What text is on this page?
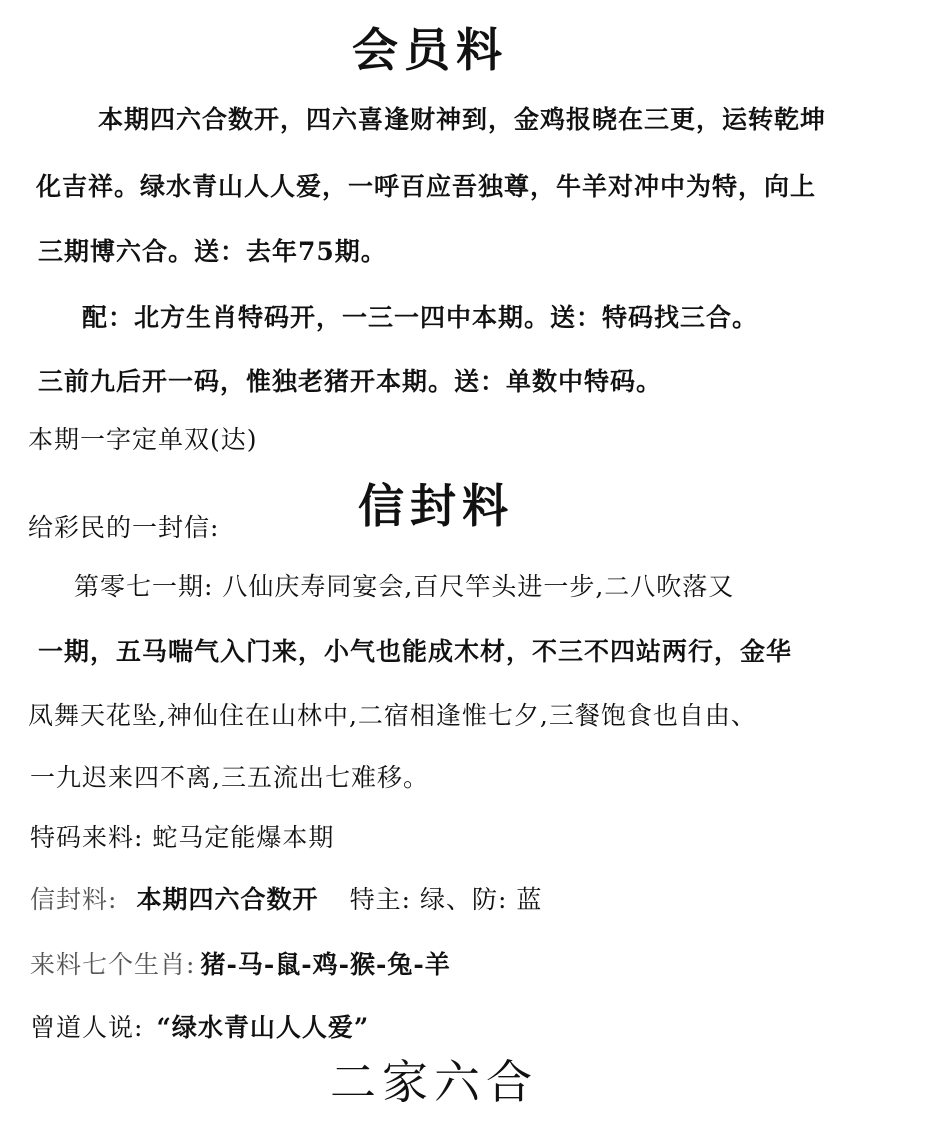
会员料
本期四六合数开，四六喜逢财神到，金鸡报晓在三更，运转乾坤
化吉祥。绿水青山人人爱，一呼百应吾独尊，牛羊对冲中为特，向上
三期博六合。送：去年75期。
配：北方生肖特码开，一三一四中本期。送：特码找三合。
三前九后开一码，惟独老猪开本期。送：单数中特码。
本期一字定单双(达)
给彩民的一封信:	信封料
第零七一期: 八仙庆寿同宴会,百尺竿头进一步,二八吹落又
一期，五马喘气入门来，小气也能成木材，不三不四站两行，金华
凤舞天花坠,神仙住在山林中,二宿相逢惟七夕,三餐饱食也自由、
一九迟来四不离,三五流出七难移。
特码来料: 蛇马定能爆本期
信封料: 本期四六合数开 特主: 绿、防: 蓝
来料七个生肖: 猪-马-鼠-鸡-猴-兔-羊
曾道人说: “绿水青山人人爱”
二家六合
